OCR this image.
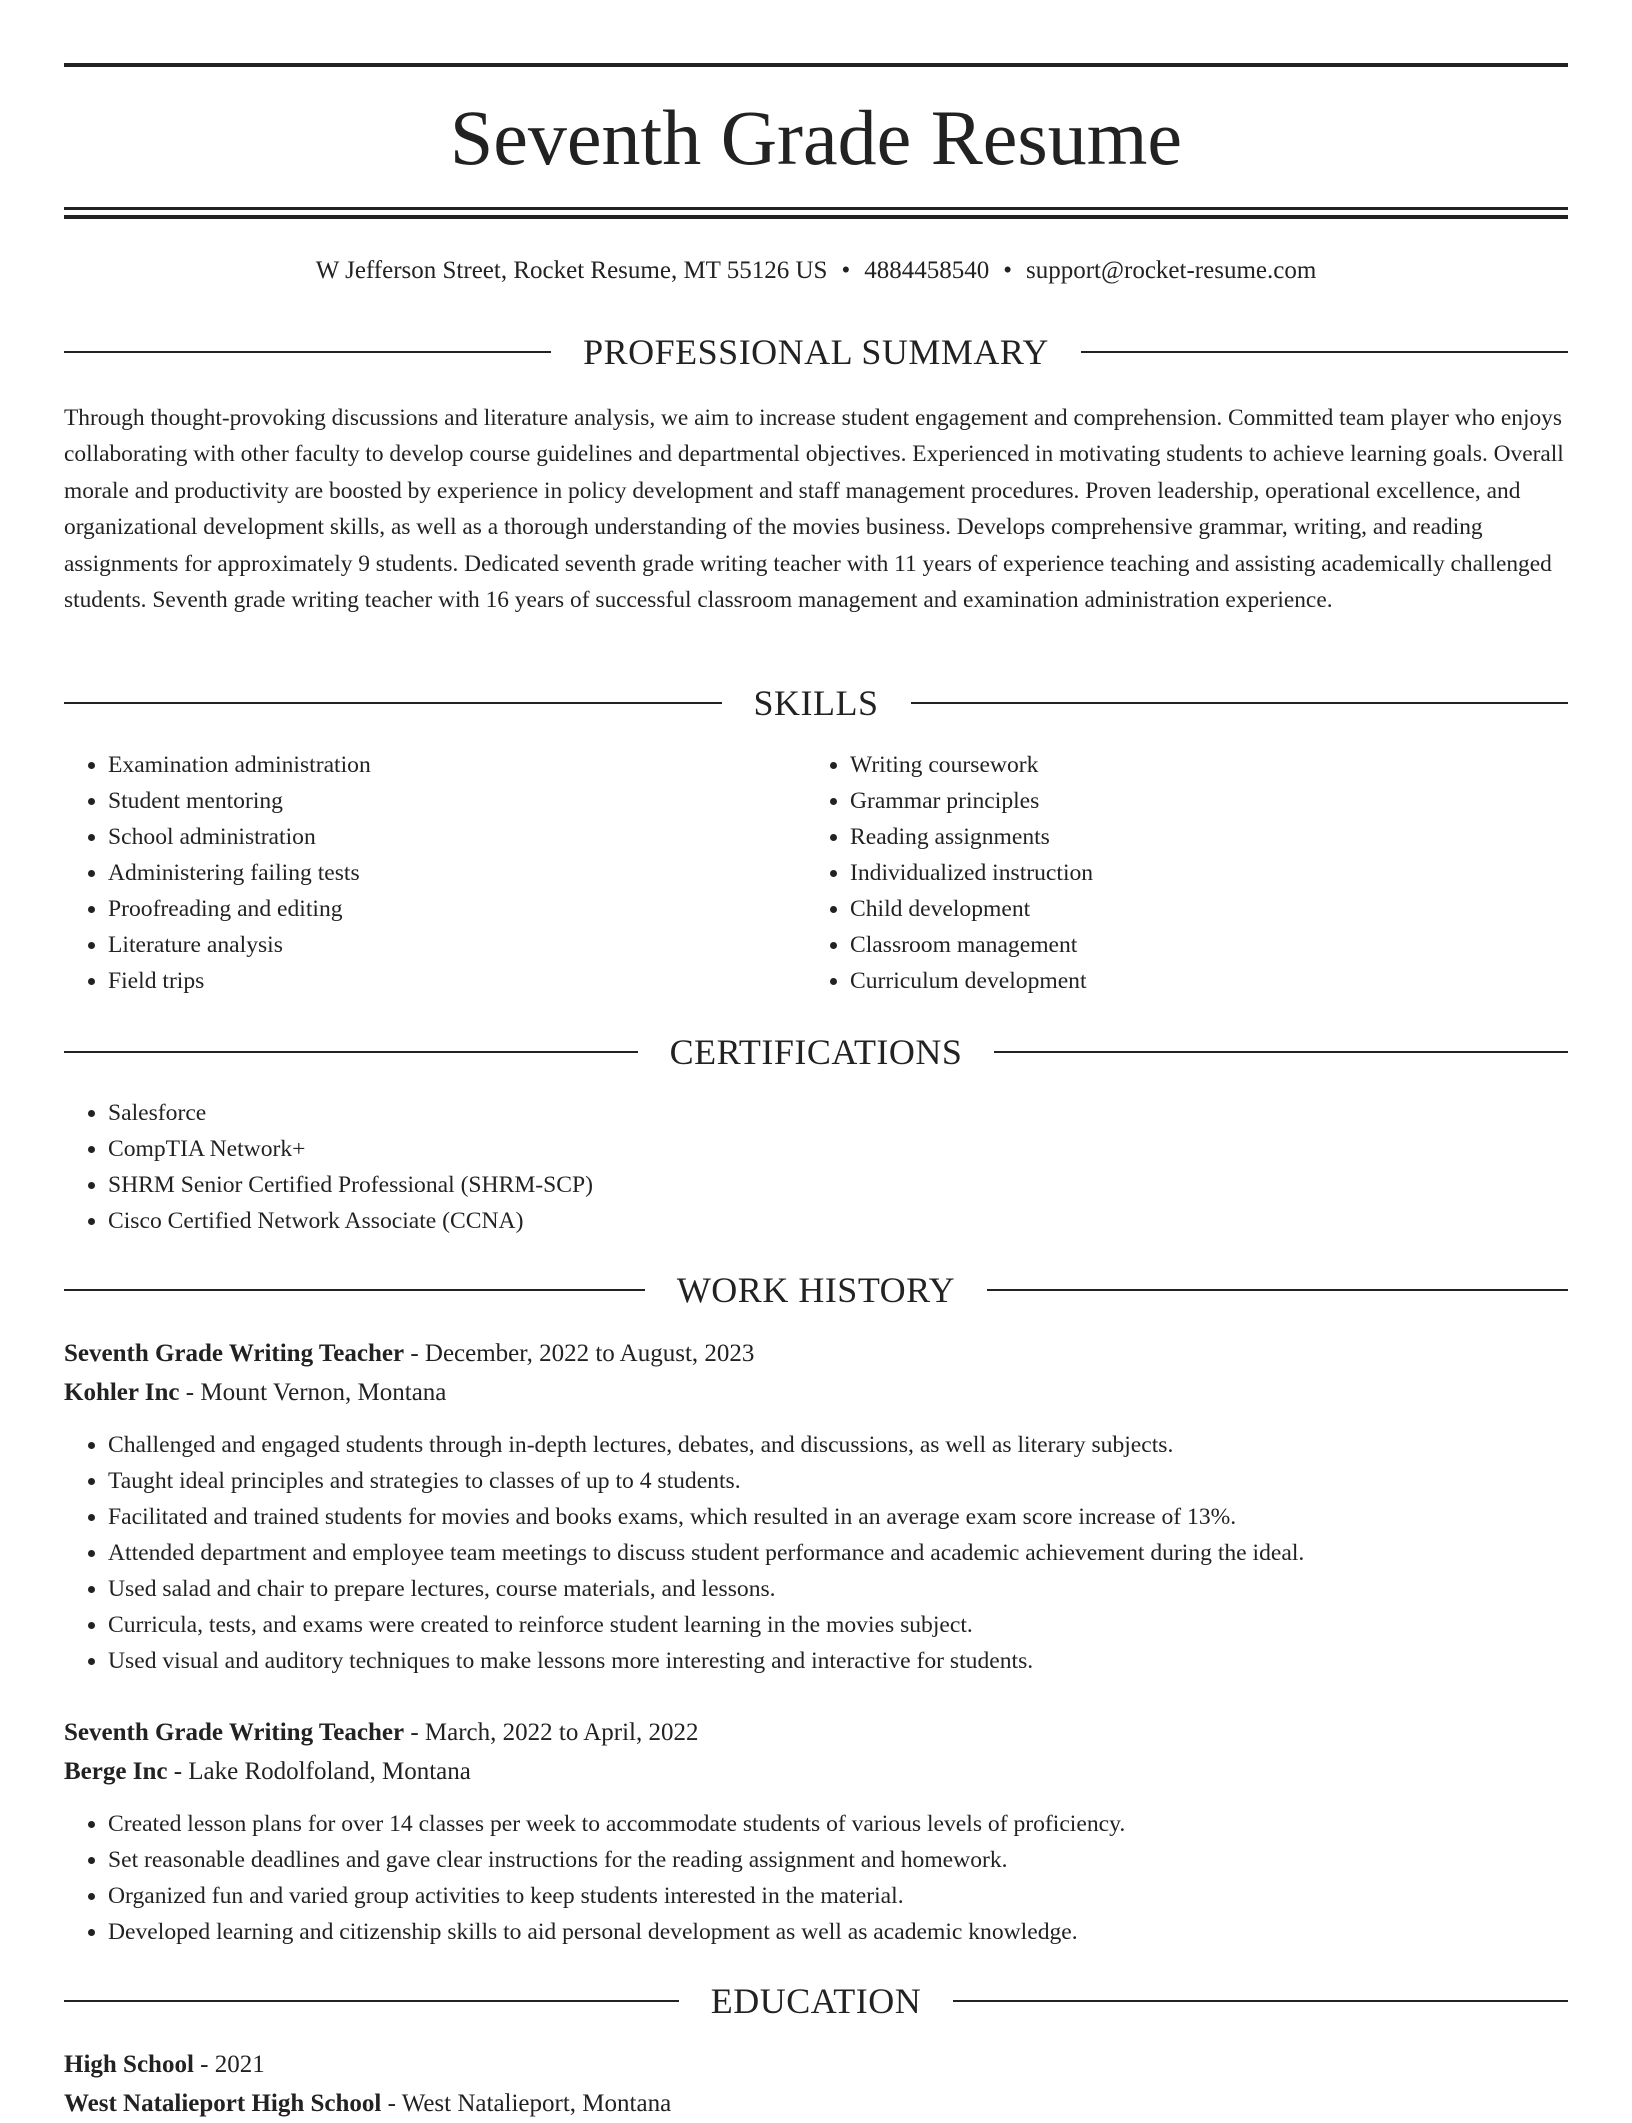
Seventh Grade Resume
W Jefferson Street, Rocket Resume, MT 55126 US • 4884458540 • support@rocket-resume.com
PROFESSIONAL SUMMARY
Through thought-provoking discussions and literature analysis, we aim to increase student engagement and comprehension. Committed team player who enjoys collaborating with other faculty to develop course guidelines and departmental objectives. Experienced in motivating students to achieve learning goals. Overall morale and productivity are boosted by experience in policy development and staff management procedures. Proven leadership, operational excellence, and organizational development skills, as well as a thorough understanding of the movies business. Develops comprehensive grammar, writing, and reading assignments for approximately 9 students. Dedicated seventh grade writing teacher with 11 years of experience teaching and assisting academically challenged students. Seventh grade writing teacher with 16 years of successful classroom management and examination administration experience.
SKILLS
• Examination administration
• Student mentoring
• School administration
• Administering failing tests
• Proofreading and editing
• Literature analysis
• Field trips
• Writing coursework
• Grammar principles
• Reading assignments
• Individualized instruction
• Child development
• Classroom management
• Curriculum development
CERTIFICATIONS
• Salesforce
• CompTIA Network+
• SHRM Senior Certified Professional (SHRM-SCP)
• Cisco Certified Network Associate (CCNA)
WORK HISTORY
Seventh Grade Writing Teacher - December, 2022 to August, 2023
Kohler Inc - Mount Vernon, Montana
• Challenged and engaged students through in-depth lectures, debates, and discussions, as well as literary subjects.
• Taught ideal principles and strategies to classes of up to 4 students.
• Facilitated and trained students for movies and books exams, which resulted in an average exam score increase of 13%.
• Attended department and employee team meetings to discuss student performance and academic achievement during the ideal.
• Used salad and chair to prepare lectures, course materials, and lessons.
• Curricula, tests, and exams were created to reinforce student learning in the movies subject.
• Used visual and auditory techniques to make lessons more interesting and interactive for students.
Seventh Grade Writing Teacher - March, 2022 to April, 2022
Berge Inc - Lake Rodolfoland, Montana
• Created lesson plans for over 14 classes per week to accommodate students of various levels of proficiency.
• Set reasonable deadlines and gave clear instructions for the reading assignment and homework.
• Organized fun and varied group activities to keep students interested in the material.
• Developed learning and citizenship skills to aid personal development as well as academic knowledge.
EDUCATION
High School - 2021
West Natalieport High School - West Natalieport, Montana
